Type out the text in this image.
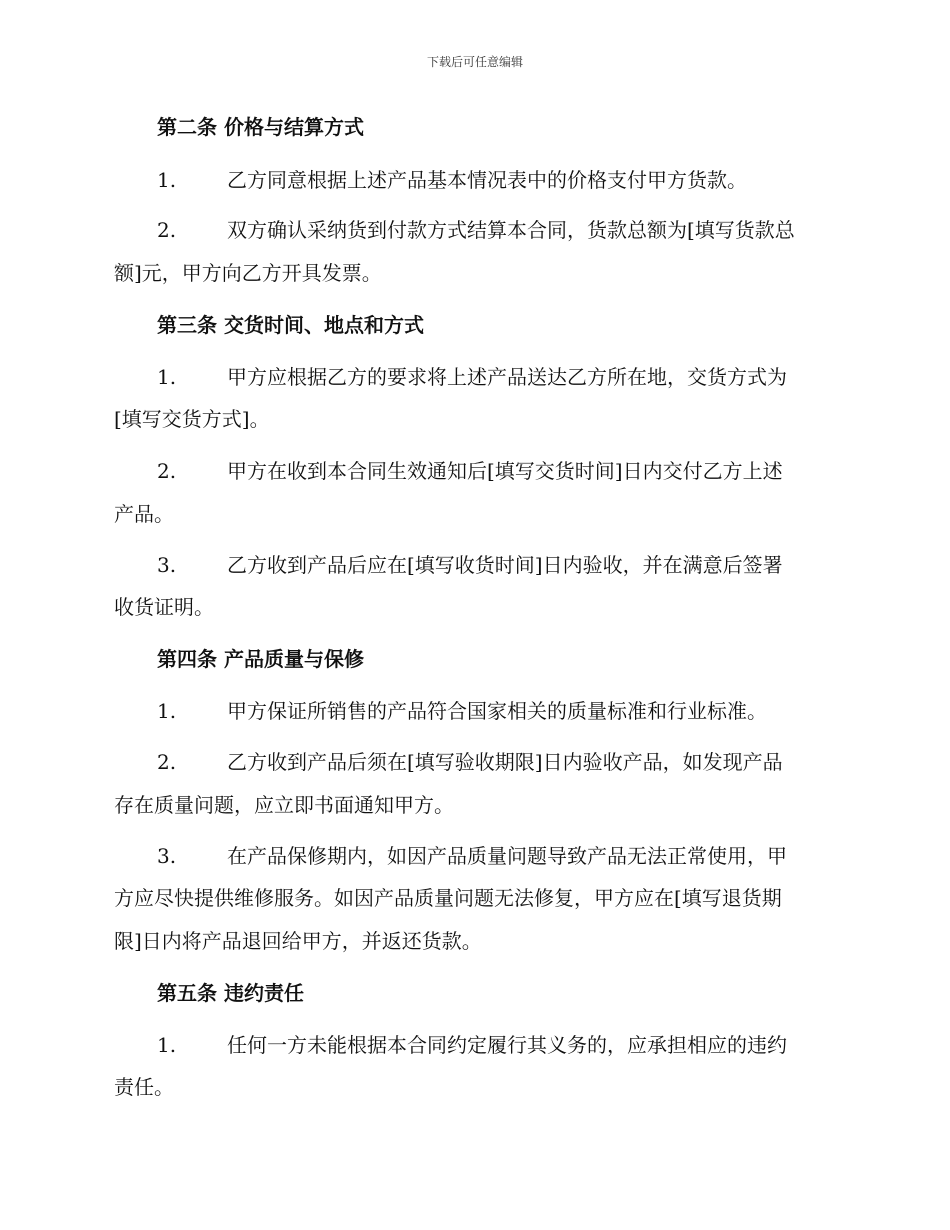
下载后可任意编辑
第二条 价格与结算方式
1.	乙方同意根据上述产品基本情况表中的价格支付甲方货款。
2.	双方确认采纳货到付款方式结算本合同，货款总额为[填写货款总
额]元，甲方向乙方开具发票。
第三条 交货时间、地点和方式
1.	甲方应根据乙方的要求将上述产品送达乙方所在地，交货方式为
[填写交货方式]。
2.	甲方在收到本合同生效通知后[填写交货时间]日内交付乙方上述
产品。
3.	乙方收到产品后应在[填写收货时间]日内验收，并在满意后签署
收货证明。
第四条 产品质量与保修
1.	甲方保证所销售的产品符合国家相关的质量标准和行业标准。
2.	乙方收到产品后须在[填写验收期限]日内验收产品，如发现产品
存在质量问题，应立即书面通知甲方。
3.	在产品保修期内，如因产品质量问题导致产品无法正常使用，甲
方应尽快提供维修服务。如因产品质量问题无法修复，甲方应在[填写退货期
限]日内将产品退回给甲方，并返还货款。
第五条 违约责任
1.	任何一方未能根据本合同约定履行其义务的，应承担相应的违约
责任。
